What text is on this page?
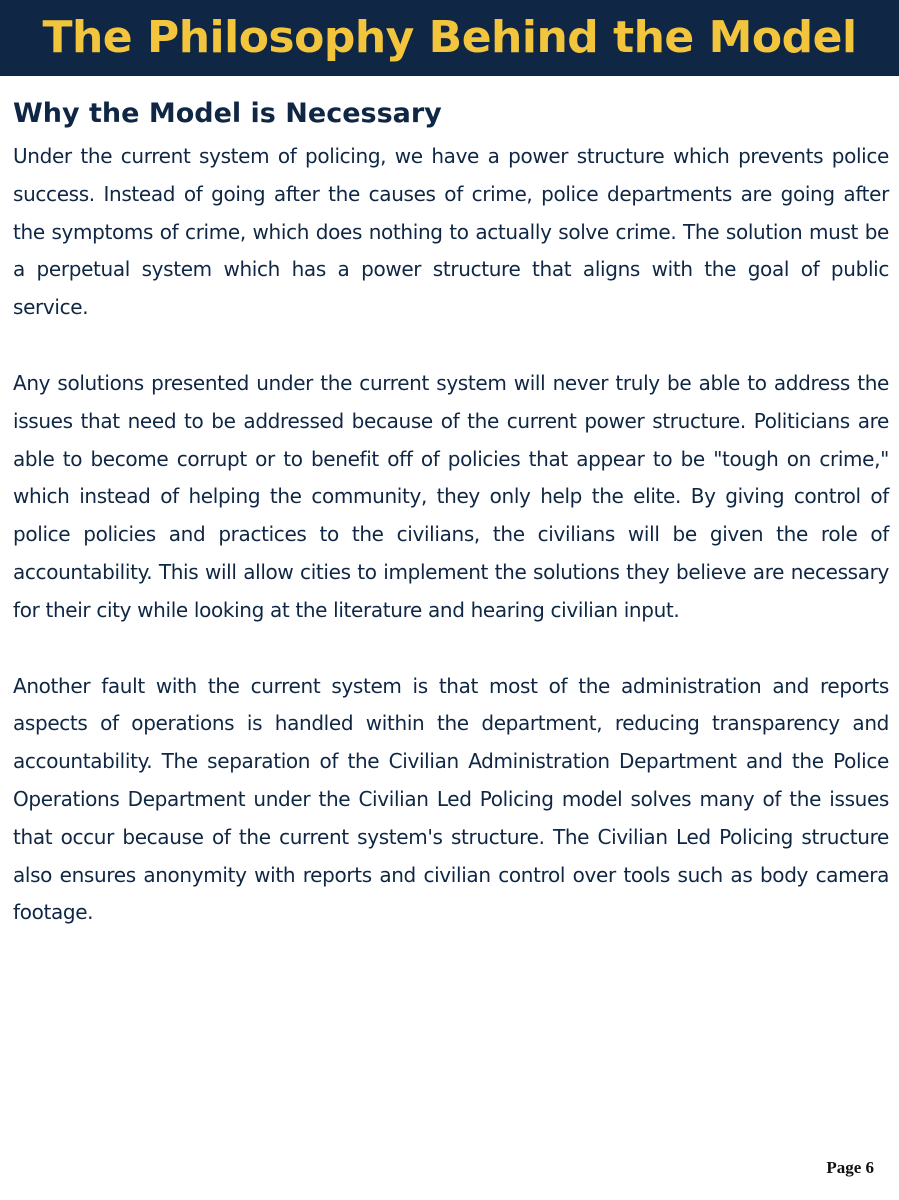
The Philosophy Behind the Model
Why the Model is Necessary

Under the current system of policing, we have a power structure which prevents police success. Instead of going after the causes of crime, police departments are going after the symptoms of crime, which does nothing to actually solve crime. The solution must be a perpetual system which has a power structure that aligns with the goal of public service.

Any solutions presented under the current system will never truly be able to address the issues that need to be addressed because of the current power structure. Politicians are able to become corrupt or to benefit off of policies that appear to be "tough on crime," which instead of helping the community, they only help the elite. By giving control of police policies and practices to the civilians, the civilians will be given the role of accountability. This will allow cities to implement the solutions they believe are necessary for their city while looking at the literature and hearing civilian input.

Another fault with the current system is that most of the administration and reports aspects of operations is handled within the department, reducing transparency and accountability. The separation of the Civilian Administration Department and the Police Operations Department under the Civilian Led Policing model solves many of the issues that occur because of the current system's structure. The Civilian Led Policing structure also ensures anonymity with reports and civilian control over tools such as body camera footage.

Page 6
